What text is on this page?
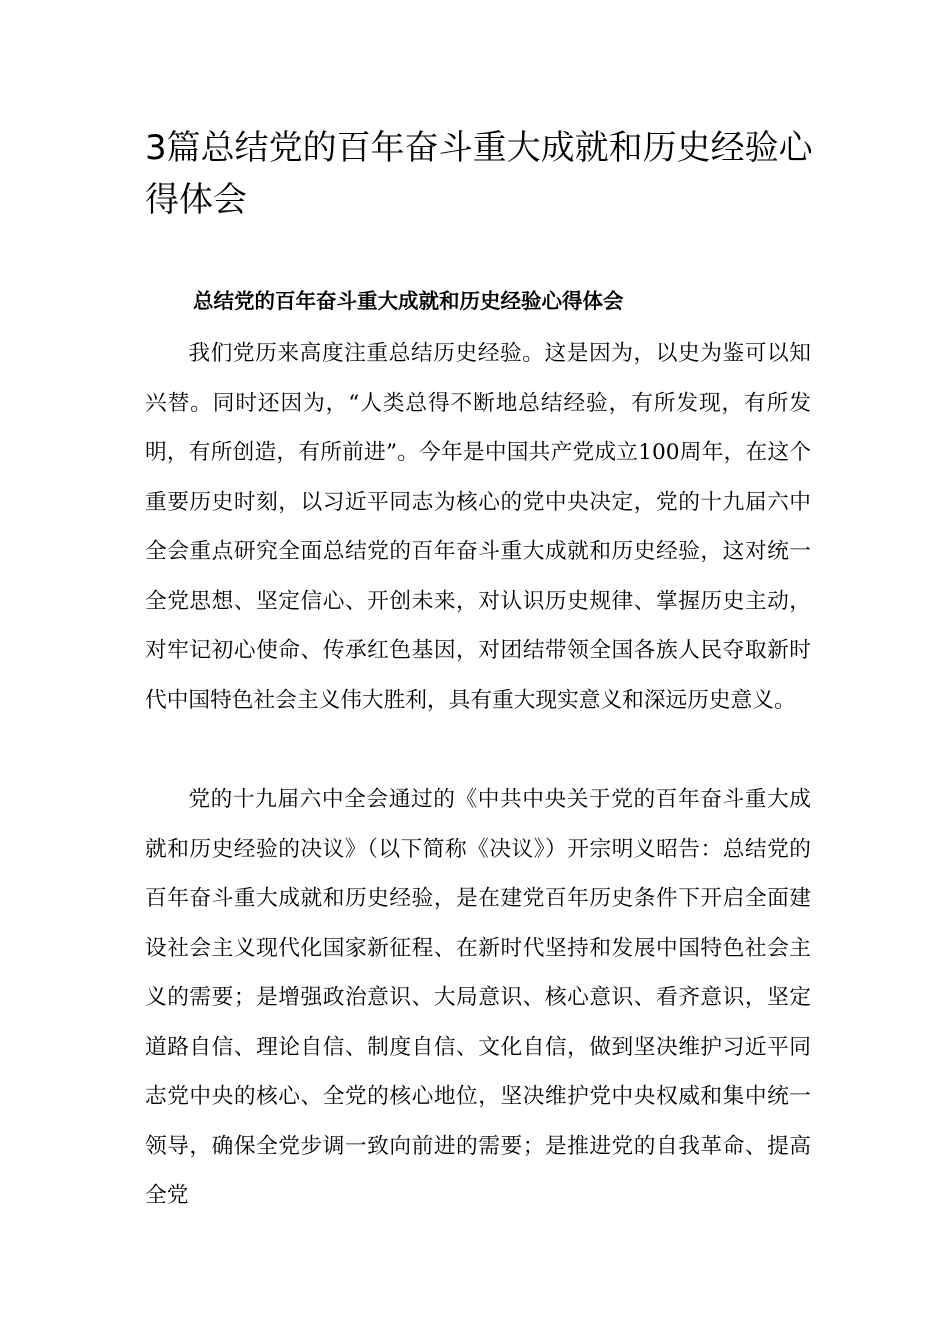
3篇总结党的百年奋斗重大成就和历史经验心得体会
总结党的百年奋斗重大成就和历史经验心得体会

我们党历来高度注重总结历史经验。这是因为，以史为鉴可以知兴替。同时还因为，“人类总得不断地总结经验，有所发现，有所发明，有所创造，有所前进”。今年是中国共产党成立100周年，在这个重要历史时刻，以习近平同志为核心的党中央决定，党的十九届六中全会重点研究全面总结党的百年奋斗重大成就和历史经验，这对统一全党思想、坚定信心、开创未来，对认识历史规律、掌握历史主动，对牢记初心使命、传承红色基因，对团结带领全国各族人民夺取新时代中国特色社会主义伟大胜利，具有重大现实意义和深远历史意义。

党的十九届六中全会通过的《中共中央关于党的百年奋斗重大成就和历史经验的决议》（以下简称《决议》）开宗明义昭告：总结党的百年奋斗重大成就和历史经验，是在建党百年历史条件下开启全面建设社会主义现代化国家新征程、在新时代坚持和发展中国特色社会主义的需要；是增强政治意识、大局意识、核心意识、看齐意识，坚定道路自信、理论自信、制度自信、文化自信，做到坚决维护习近平同志党中央的核心、全党的核心地位，坚决维护党中央权威和集中统一领导，确保全党步调一致向前进的需要；是推进党的自我革命、提高全党
